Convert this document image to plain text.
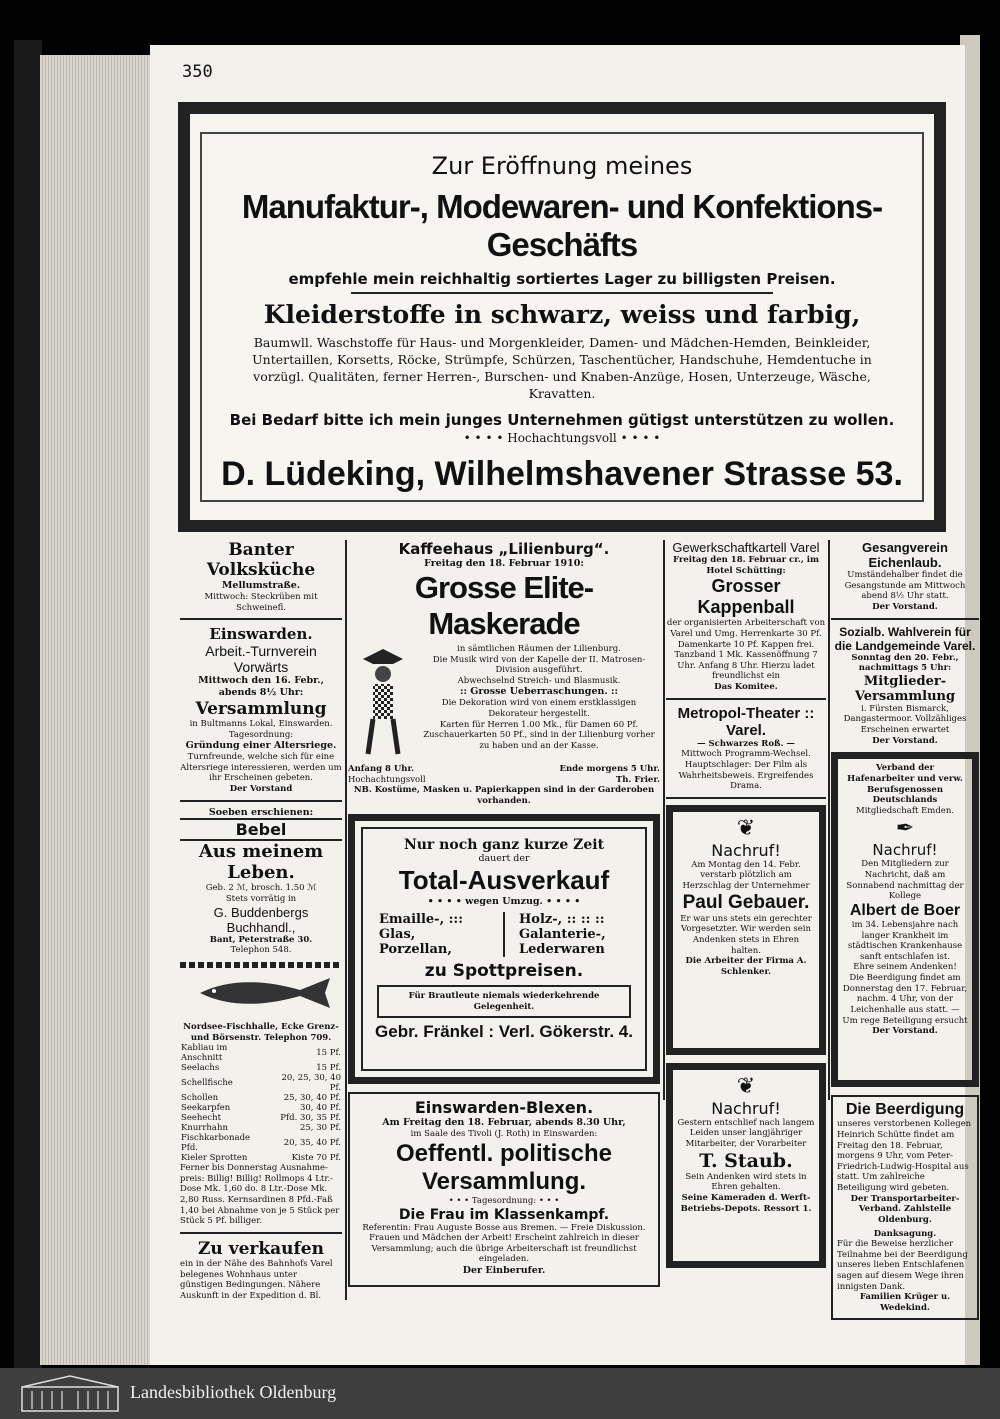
350
Zur Eröffnung meines
Manufaktur-, Modewaren- und Konfektions-Geschäfts
empfehle mein reichhaltig sortiertes Lager zu billigsten Preisen.
Kleiderstoffe in schwarz, weiss und farbig,
Baumwll. Waschstoffe für Haus- und Morgenkleider, Damen- und Mädchen-Hemden, Beinkleider, Untertaillen, Korsetts, Röcke, Strümpfe, Schürzen, Taschentücher, Handschuhe, Hemdentuche in vorzügl. Qualitäten, ferner Herren-, Burschen- und Knaben-Anzüge, Hosen, Unterzeuge, Wäsche, Kravatten.
Bei Bedarf bitte ich mein junges Unternehmen gütigst unterstützen zu wollen.
• • • • Hochachtungsvoll • • • •
D. Lüdeking, Wilhelmshavener Strasse 53.
Banter Volksküche
Mellumstraße.
Mittwoch: Steckrüben mit Schweinefl.
Einswarden.
Arbeit.-Turnverein Vorwärts
Mittwoch den 16. Febr., abends 8½ Uhr:
Versammlung
in Bultmanns Lokal, Einswarden.
Tagesordnung:
Gründung einer Altersriege.
Turnfreunde, welche sich für eine Altersriege interessieren, werden um ihr Erscheinen gebeten.
Der Vorstand
Soeben erschienen:
Bebel
Aus meinem Leben.
Geb. 2 ℳ, brosch. 1.50 ℳ
Stets vorrätig in
G. Buddenbergs Buchhandl.,
Bant, Peterstraße 30.
Telephon 548.
Nordsee-Fischhalle, Ecke Grenz- und Börsenstr. Telephon 709.
Kabliau im Anschnitt	15 Pf.
Seelachs	15 Pf.
Schellfische	20, 25, 30, 40 Pf.
Schollen	25, 30, 40 Pf.
Seekarpfen	30, 40 Pf.
Seehecht	Pfd. 30, 35 Pf.
Knurrhahn	25, 30 Pf.
Fischkarbonade Pfd.	20, 35, 40 Pf.
Kieler Sprotten	Kiste 70 Pf.
Ferner bis Donnerstag Ausnahme-preis: Billig! Billig! Rollmops 4 Ltr.-Dose Mk. 1,60 do. 8 Ltr.-Dose Mk. 2,80 Russ. Kernsardinen 8 Pfd.-Faß 1,40 bei Abnahme von je 5 Stück per Stück 5 Pf. billiger.
Zu verkaufen
ein in der Nähe des Bahnhofs Varel belegenes Wohnhaus unter günstigen Bedingungen. Nähere Auskunft in der Expedition d. Bl.
Kaffeehaus „Lilienburg“.
Freitag den 18. Februar 1910:
Grosse Elite-Maskerade
in sämtlichen Räumen der Lilienburg.
Die Musik wird von der Kapelle der II. Matrosen-Division ausgeführt.
Abwechselnd Streich- und Blasmusik.
:: Grosse Ueberraschungen. ::
Die Dekoration wird von einem erstklassigen Dekorateur hergestellt.
Karten für Herren 1.00 Mk., für Damen 60 Pf. Zuschauerkarten 50 Pf., sind in der Lilienburg vorher zu haben und an der Kasse.
Anfang 8 Uhr.	Ende morgens 5 Uhr.
Hochachtungsvoll	Th. Frier.
NB. Kostüme, Masken u. Papierkappen sind in der Garderoben vorhanden.
Nur noch ganz kurze Zeit
dauert der
Total-Ausverkauf
• • • • wegen Umzug. • • • •
Emaille-, ::: Glas, Porzellan,
Holz-, :: :: :: Galanterie-, Lederwaren
zu Spottpreisen.
Für Brautleute niemals wiederkehrende Gelegenheit.
Gebr. Fränkel : Verl. Gökerstr. 4.
Einswarden-Blexen.
Am Freitag den 18. Februar, abends 8.30 Uhr,
im Saale des Tivoli (J. Roth) in Einswarden:
Oeffentl. politische Versammlung.
• • • Tagesordnung: • • •
Die Frau im Klassenkampf.
Referentin: Frau Auguste Bosse aus Bremen. — Freie Diskussion.
Frauen und Mädchen der Arbeit! Erscheint zahlreich in dieser Versammlung; auch die übrige Arbeiterschaft ist freundlichst eingeladen.
Der Einberufer.
Gewerkschaftkartell Varel
Freitag den 18. Februar cr., im Hotel Schütting:
Grosser Kappenball
der organisierten Arbeiterschaft von Varel und Umg. Herrenkarte 30 Pf. Damenkarte 10 Pf. Kappen frei. Tanzband 1 Mk. Kassenöffnung 7 Uhr. Anfang 8 Uhr. Hierzu ladet freundlichst ein
Das Komitee.
Metropol-Theater :: Varel.
— Schwarzes Roß. —
Mittwoch Programm-Wechsel. Hauptschlager: Der Film als Wahrheitsbeweis. Ergreifendes Drama.
❦
Nachruf!
Am Montag den 14. Febr. verstarb plötzlich am Herzschlag der Unternehmer
Paul Gebauer.
Er war uns stets ein gerechter Vorgesetzter. Wir werden sein Andenken stets in Ehren halten.
Die Arbeiter der Firma A. Schlenker.
❦
Nachruf!
Gestern entschlief nach langem Leiden unser langjähriger Mitarbeiter, der Vorarbeiter
T. Staub.
Sein Andenken wird stets in Ehren gehalten.
Seine Kameraden d. Werft-Betriebs-Depots. Ressort 1.
Gesangverein Eichenlaub.
Umständehalber findet die Gesangstunde am Mittwoch abend 8½ Uhr statt.
Der Vorstand.
Sozialb. Wahlverein für die Landgemeinde Varel.
Sonntag den 20. Febr., nachmittags 5 Uhr:
Mitglieder-Versammlung
i. Fürsten Bismarck, Dangastermoor. Vollzähliges Erscheinen erwartet
Der Vorstand.
Verband der Hafenarbeiter und verw. Berufsgenossen Deutschlands
Mitgliedschaft Emden.
✒
Nachruf!
Den Mitgliedern zur Nachricht, daß am Sonnabend nachmittag der Kollege
Albert de Boer
im 34. Lebensjahre nach langer Krankheit im städtischen Krankenhause sanft entschlafen ist.
Ehre seinem Andenken!
Die Beerdigung findet am Donnerstag den 17. Februar, nachm. 4 Uhr, von der Leichenhalle aus statt. — Um rege Beteiligung ersucht
Der Vorstand.
Die Beerdigung
unseres verstorbenen Kollegen Heinrich Schütte findet am Freitag den 18. Februar, morgens 9 Uhr, vom Peter-Friedrich-Ludwig-Hospital aus statt. Um zahlreiche Beteiligung wird gebeten.
Der Transportarbeiter-Verband. Zahlstelle Oldenburg.
Danksagung.
Für die Beweise herzlicher Teilnahme bei der Beerdigung unseres lieben Entschlafenen sagen auf diesem Wege ihren innigsten Dank.
Familien Krüger u. Wedekind.
Landesbibliothek Oldenburg
